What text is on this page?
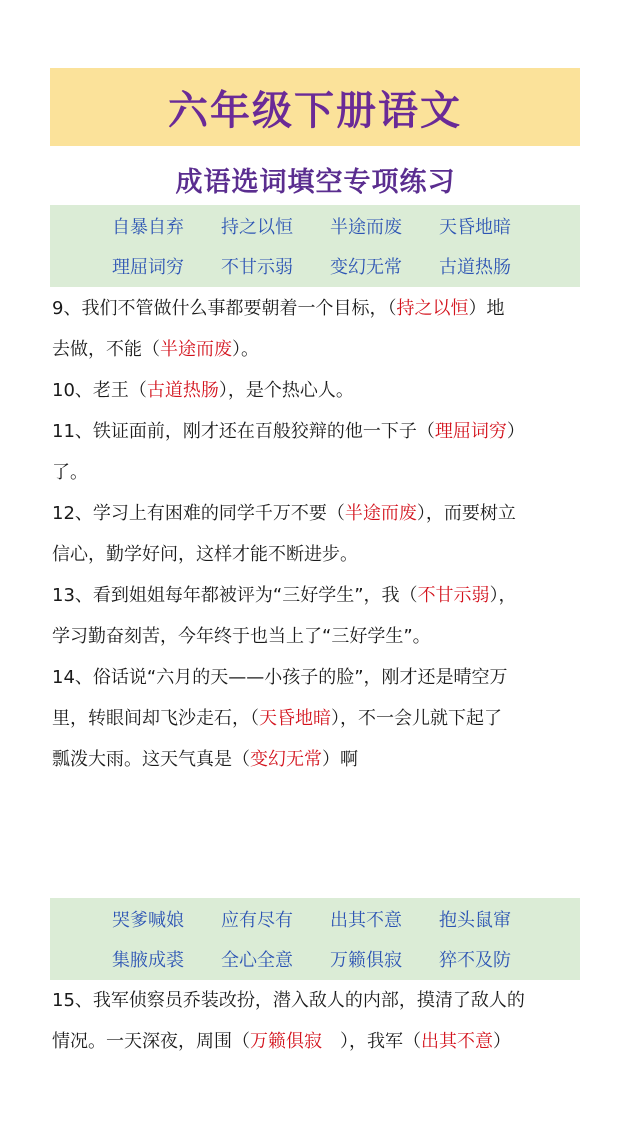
六年级下册语文
成语选词填空专项练习
自暴自弃	持之以恒	半途而废	天昏地暗
理屈词穷	不甘示弱	变幻无常	古道热肠

9、我们不管做什么事都要朝着一个目标，（持之以恒）地

去做，不能（半途而废）。

10、老王（古道热肠），是个热心人。

11、铁证面前，刚才还在百般狡辩的他一下子（理屈词穷）

了。

12、学习上有困难的同学千万不要（半途而废），而要树立

信心，勤学好问，这样才能不断进步。

13、看到姐姐每年都被评为“三好学生”，我（不甘示弱），

学习勤奋刻苦，今年终于也当上了“三好学生”。

14、俗话说“六月的天——小孩子的脸”，刚才还是晴空万

里，转眼间却飞沙走石，（天昏地暗），不一会儿就下起了

瓢泼大雨。这天气真是（变幻无常）啊

哭爹喊娘	应有尽有	出其不意	抱头鼠窜
集腋成裘	全心全意	万籁俱寂	猝不及防

15、我军侦察员乔装改扮，潜入敌人的内部，摸清了敌人的

情况。一天深夜，周围（万籁俱寂　），我军（出其不意）
